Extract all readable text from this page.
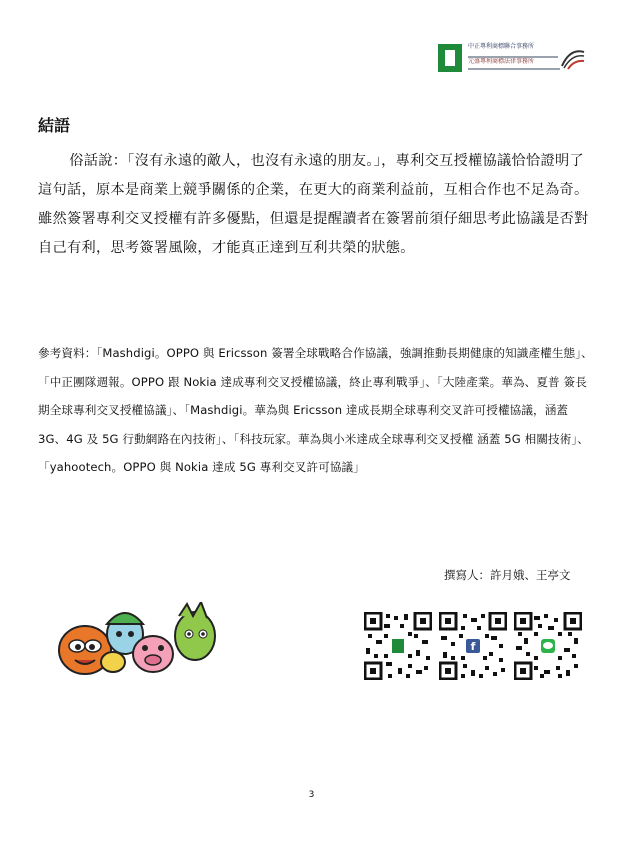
中正專利商標聯合事務所
元盛專利商標法律事務所
結語

俗話說：「沒有永遠的敵人，也沒有永遠的朋友。」，專利交互授權協議恰恰證明了這句話，原本是商業上競爭關係的企業，在更大的商業利益前，互相合作也不足為奇。雖然簽署專利交叉授權有許多優點，但還是提醒讀者在簽署前須仔細思考此協議是否對自己有利，思考簽署風險，才能真正達到互利共榮的狀態。

參考資料：「Mashdigi。OPPO 與 Ericsson 簽署全球戰略合作協議，強調推動長期健康的知識產權生態」、「中正團隊週報。OPPO 跟 Nokia 達成專利交叉授權協議，終止專利戰爭」、「大陸產業。華為、夏普 簽長期全球專利交叉授權協議」、「Mashdigi。華為與 Ericsson 達成長期全球專利交叉許可授權協議，涵蓋 3G、4G 及 5G 行動網路在內技術」、「科技玩家。華為與小米達成全球專利交叉授權 涵蓋 5G 相關技術」、「yahootech。OPPO 與 Nokia 達成 5G 專利交叉許可協議」

撰寫人：許月娥、王亭文
f
3
